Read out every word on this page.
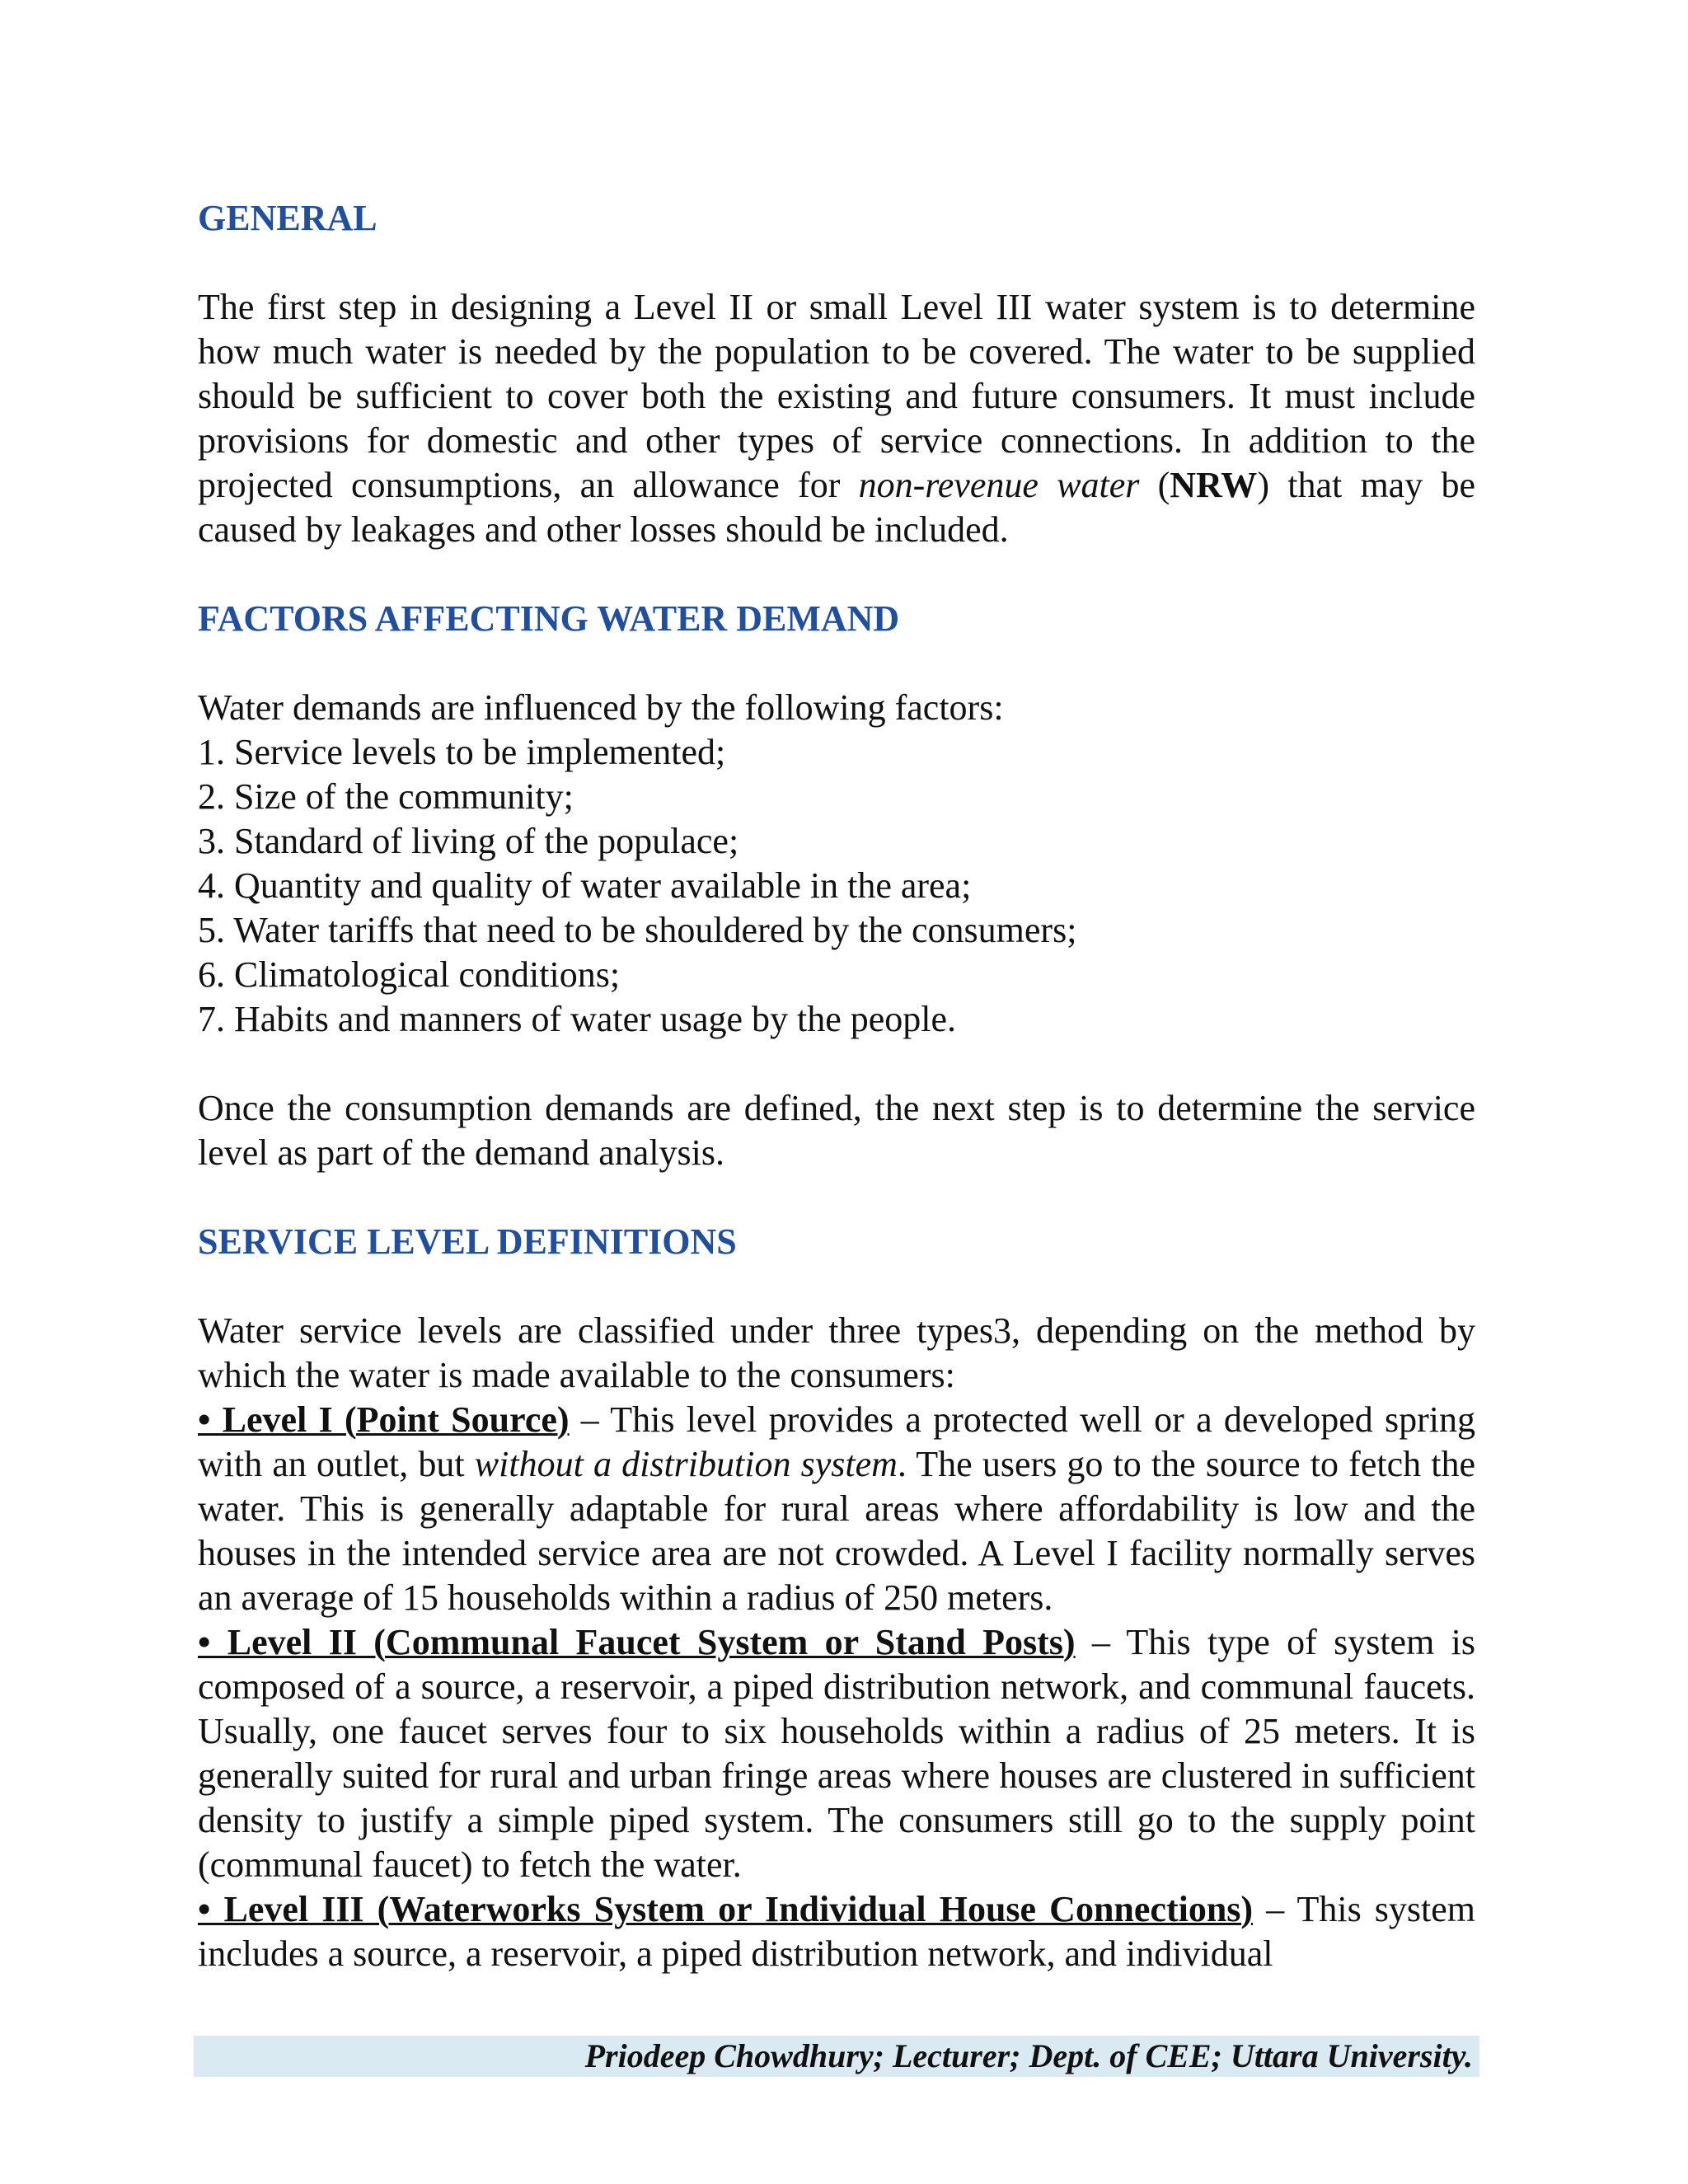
GENERAL

The first step in designing a Level II or small Level III water system is to determine how much water is needed by the population to be covered. The water to be supplied should be sufficient to cover both the existing and future consumers. It must include provisions for domestic and other types of service connections. In addition to the projected consumptions, an allowance for non-revenue water (NRW) that may be caused by leakages and other losses should be included.

FACTORS AFFECTING WATER DEMAND

Water demands are influenced by the following factors:

1. Service levels to be implemented;
2. Size of the community;
3. Standard of living of the populace;
4. Quantity and quality of water available in the area;
5. Water tariffs that need to be shouldered by the consumers;
6. Climatological conditions;
7. Habits and manners of water usage by the people.

Once the consumption demands are defined, the next step is to determine the service level as part of the demand analysis.

SERVICE LEVEL DEFINITIONS

Water service levels are classified under three types3, depending on the method by which the water is made available to the consumers:

• Level I (Point Source) – This level provides a protected well or a developed spring with an outlet, but without a distribution system. The users go to the source to fetch the water. This is generally adaptable for rural areas where affordability is low and the houses in the intended service area are not crowded. A Level I facility normally serves an average of 15 households within a radius of 250 meters.

• Level II (Communal Faucet System or Stand Posts) – This type of system is composed of a source, a reservoir, a piped distribution network, and communal faucets. Usually, one faucet serves four to six households within a radius of 25 meters. It is generally suited for rural and urban fringe areas where houses are clustered in sufficient density to justify a simple piped system. The consumers still go to the supply point (communal faucet) to fetch the water.

• Level III (Waterworks System or Individual House Connections) – This system includes a source, a reservoir, a piped distribution network, and individual

Priodeep Chowdhury; Lecturer; Dept. of CEE; Uttara University.
